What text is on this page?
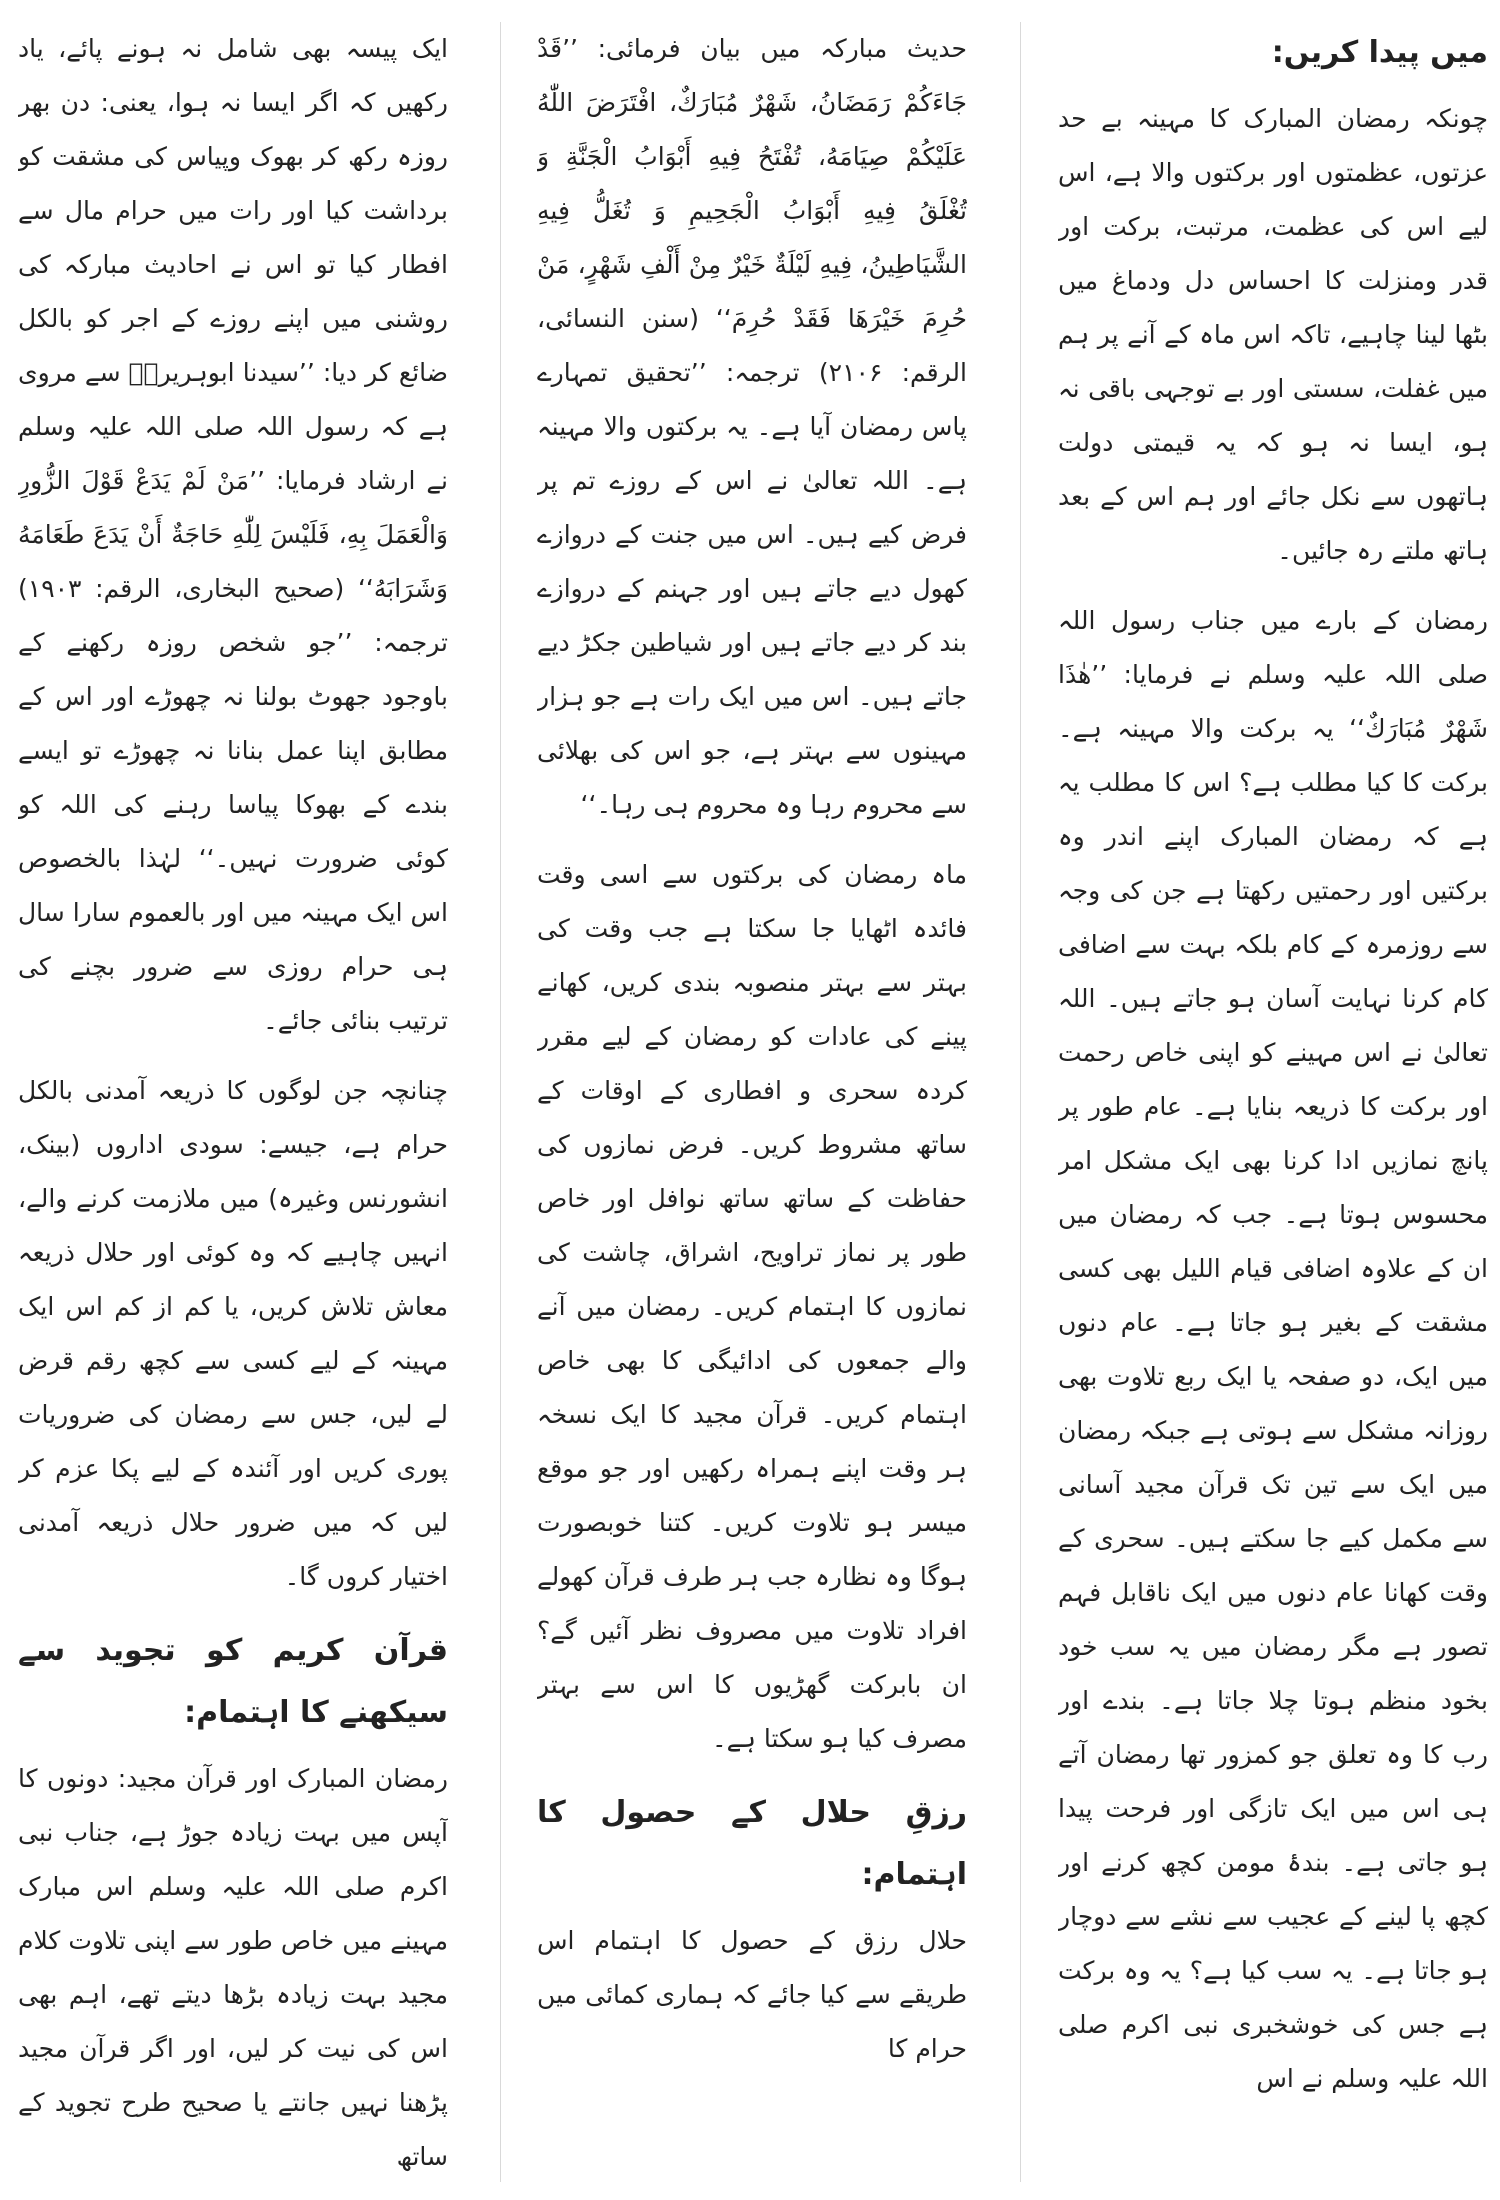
میں پیدا کریں:

چونکہ رمضان المبارک کا مہینہ بے حد عزتوں، عظمتوں اور برکتوں والا ہے، اس لیے اس کی عظمت، مرتبت، برکت اور قدر ومنزلت کا احساس دل ودماغ میں بٹھا لینا چاہیے، تاکہ اس ماہ کے آنے پر ہم میں غفلت، سستی اور بے توجہی باقی نہ ہو، ایسا نہ ہو کہ یہ قیمتی دولت ہاتھوں سے نکل جائے اور ہم اس کے بعد ہاتھ ملتے رہ جائیں۔

رمضان کے بارے میں جناب رسول اللہ صلی اللہ علیہ وسلم نے فرمایا: ’’هٰذَا شَهْرٌ مُبَارَكٌ‘‘ یہ برکت والا مہینہ ہے۔ برکت کا کیا مطلب ہے؟ اس کا مطلب یہ ہے کہ رمضان المبارک اپنے اندر وہ برکتیں اور رحمتیں رکھتا ہے جن کی وجہ سے روزمرہ کے کام بلکہ بہت سے اضافی کام کرنا نہایت آسان ہو جاتے ہیں۔ اللہ تعالیٰ نے اس مہینے کو اپنی خاص رحمت اور برکت کا ذریعہ بنایا ہے۔ عام طور پر پانچ نمازیں ادا کرنا بھی ایک مشکل امر محسوس ہوتا ہے۔ جب کہ رمضان میں ان کے علاوہ اضافی قیام اللیل بھی کسی مشقت کے بغیر ہو جاتا ہے۔ عام دنوں میں ایک، دو صفحہ یا ایک ربع تلاوت بھی روزانہ مشکل سے ہوتی ہے جبکہ رمضان میں ایک سے تین تک قرآن مجید آسانی سے مکمل کیے جا سکتے ہیں۔ سحری کے وقت کھانا عام دنوں میں ایک ناقابل فہم تصور ہے مگر رمضان میں یہ سب خود بخود منظم ہوتا چلا جاتا ہے۔ بندے اور رب کا وہ تعلق جو کمزور تھا رمضان آتے ہی اس میں ایک تازگی اور فرحت پیدا ہو جاتی ہے۔ بندۂ مومن کچھ کرنے اور کچھ پا لینے کے عجیب سے نشے سے دوچار ہو جاتا ہے۔ یہ سب کیا ہے؟ یہ وہ برکت ہے جس کی خوشخبری نبی اکرم صلی اللہ علیہ وسلم نے اس

حدیث مبارکہ میں بیان فرمائی: ’’قَدْ جَاءَكُمْ رَمَضَانُ، شَهْرٌ مُبَارَكٌ، افْتَرَضَ اللّٰهُ عَلَيْكُمْ صِيَامَهُ، تُفْتَحُ فِيهِ أَبْوَابُ الْجَنَّةِ وَ تُغْلَقُ فِيهِ أَبْوَابُ الْجَحِيمِ وَ تُغَلُّ فِيهِ الشَّيَاطِينُ، فِيهِ لَيْلَةٌ خَيْرٌ مِنْ أَلْفِ شَهْرٍ، مَنْ حُرِمَ خَيْرَهَا فَقَدْ حُرِمَ‘‘ (سنن النسائی، الرقم: ۲۱۰۶) ترجمہ: ’’تحقیق تمہارے پاس رمضان آیا ہے۔ یہ برکتوں والا مہینہ ہے۔ اللہ تعالیٰ نے اس کے روزے تم پر فرض کیے ہیں۔ اس میں جنت کے دروازے کھول دیے جاتے ہیں اور جہنم کے دروازے بند کر دیے جاتے ہیں اور شیاطین جکڑ دیے جاتے ہیں۔ اس میں ایک رات ہے جو ہزار مہینوں سے بہتر ہے، جو اس کی بھلائی سے محروم رہا وہ محروم ہی رہا۔‘‘

ماہ رمضان کی برکتوں سے اسی وقت فائدہ اٹھایا جا سکتا ہے جب وقت کی بہتر سے بہتر منصوبہ بندی کریں، کھانے پینے کی عادات کو رمضان کے لیے مقرر کردہ سحری و افطاری کے اوقات کے ساتھ مشروط کریں۔ فرض نمازوں کی حفاظت کے ساتھ ساتھ نوافل اور خاص طور پر نماز تراویح، اشراق، چاشت کی نمازوں کا اہتمام کریں۔ رمضان میں آنے والے جمعوں کی ادائیگی کا بھی خاص اہتمام کریں۔ قرآن مجید کا ایک نسخہ ہر وقت اپنے ہمراہ رکھیں اور جو موقع میسر ہو تلاوت کریں۔ کتنا خوبصورت ہوگا وہ نظارہ جب ہر طرف قرآن کھولے افراد تلاوت میں مصروف نظر آئیں گے؟ ان بابرکت گھڑیوں کا اس سے بہتر مصرف کیا ہو سکتا ہے۔

رزقِ حلال کے حصول کا اہتمام:

حلال رزق کے حصول کا اہتمام اس طریقے سے کیا جائے کہ ہماری کمائی میں حرام کا

ایک پیسہ بھی شامل نہ ہونے پائے، یاد رکھیں کہ اگر ایسا نہ ہوا، یعنی: دن بھر روزہ رکھ کر بھوک وپیاس کی مشقت کو برداشت کیا اور رات میں حرام مال سے افطار کیا تو اس نے احادیث مبارکہ کی روشنی میں اپنے روزے کے اجر کو بالکل ضائع کر دیا: ’’سیدنا ابوہریرہؓ سے مروی ہے کہ رسول اللہ صلی اللہ علیہ وسلم نے ارشاد فرمایا: ’’مَنْ لَمْ يَدَعْ قَوْلَ الزُّورِ وَالْعَمَلَ بِهِ، فَلَيْسَ لِلّٰهِ حَاجَةٌ أَنْ يَدَعَ طَعَامَهُ وَشَرَابَهُ‘‘ (صحیح البخاری، الرقم: ۱۹۰۳) ترجمہ: ’’جو شخص روزہ رکھنے کے باوجود جھوٹ بولنا نہ چھوڑے اور اس کے مطابق اپنا عمل بنانا نہ چھوڑے تو ایسے بندے کے بھوکا پیاسا رہنے کی اللہ کو کوئی ضرورت نہیں۔‘‘ لہٰذا بالخصوص اس ایک مہینہ میں اور بالعموم سارا سال ہی حرام روزی سے ضرور بچنے کی ترتیب بنائی جائے۔

چنانچہ جن لوگوں کا ذریعہ آمدنی بالکل حرام ہے، جیسے: سودی اداروں (بینک، انشورنس وغیرہ) میں ملازمت کرنے والے، انہیں چاہیے کہ وہ کوئی اور حلال ذریعہ معاش تلاش کریں، یا کم از کم اس ایک مہینہ کے لیے کسی سے کچھ رقم قرض لے لیں، جس سے رمضان کی ضروریات پوری کریں اور آئندہ کے لیے پکا عزم کر لیں کہ میں ضرور حلال ذریعہ آمدنی اختیار کروں گا۔

قرآن کریم کو تجوید سے سیکھنے کا اہتمام:

رمضان المبارک اور قرآن مجید: دونوں کا آپس میں بہت زیادہ جوڑ ہے، جناب نبی اکرم صلی اللہ علیہ وسلم اس مبارک مہینے میں خاص طور سے اپنی تلاوت کلام مجید بہت زیادہ بڑھا دیتے تھے، اہم بھی اس کی نیت کر لیں، اور اگر قرآن مجید پڑھنا نہیں جانتے یا صحیح طرح تجوید کے ساتھ
